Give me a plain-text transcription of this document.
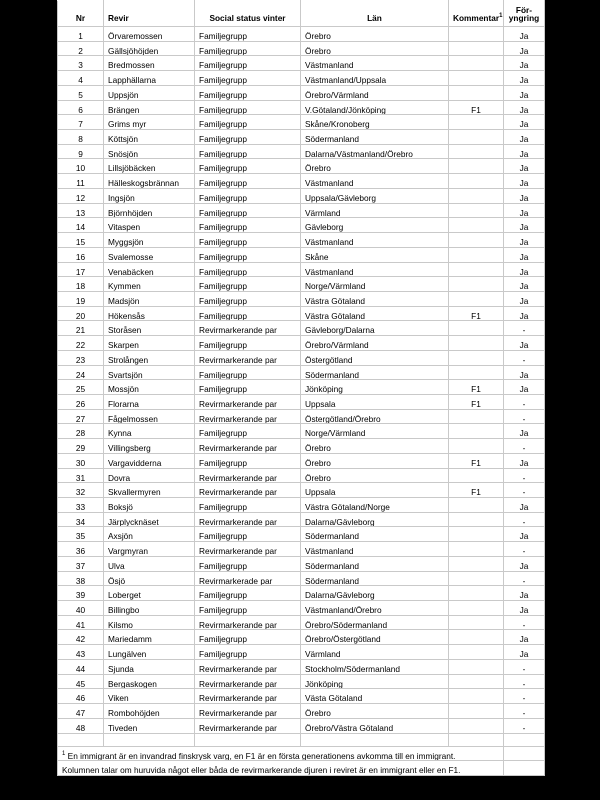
Nr	Revir	Social status vinter	Län	Kommentar$^1$	För-
yngring
1	Örvaremossen	Familjegrupp	Örebro		Ja
2	Gällsjöhöjden	Familjegrupp	Örebro		Ja
3	Bredmossen	Familjegrupp	Västmanland		Ja
4	Lapphällarna	Familjegrupp	Västmanland/Uppsala		Ja
5	Uppsjön	Familjegrupp	Örebro/Värmland		Ja
6	Brängen	Familjegrupp	V.Götaland/Jönköping	F1	Ja
7	Grims myr	Familjegrupp	Skåne/Kronoberg		Ja
8	Köttsjön	Familjegrupp	Södermanland		Ja
9	Snösjön	Familjegrupp	Dalarna/Västmanland/Örebro		Ja
10	Lillsjöbäcken	Familjegrupp	Örebro		Ja
11	Hälleskogsbrännan	Familjegrupp	Västmanland		Ja
12	Ingsjön	Familjegrupp	Uppsala/Gävleborg		Ja
13	Björnhöjden	Familjegrupp	Värmland		Ja
14	Vitaspen	Familjegrupp	Gävleborg		Ja
15	Myggsjön	Familjegrupp	Västmanland		Ja
16	Svalemosse	Familjegrupp	Skåne		Ja
17	Venabäcken	Familjegrupp	Västmanland		Ja
18	Kymmen	Familjegrupp	Norge/Värmland		Ja
19	Madsjön	Familjegrupp	Västra Götaland		Ja
20	Hökensås	Familjegrupp	Västra Götaland	F1	Ja
21	Storåsen	Revirmarkerande par	Gävleborg/Dalarna		-
22	Skarpen	Familjegrupp	Örebro/Värmland		Ja
23	Strolången	Revirmarkerande par	Östergötland		-
24	Svartsjön	Familjegrupp	Södermanland		Ja
25	Mossjön	Familjegrupp	Jönköping	F1	Ja
26	Florarna	Revirmarkerande par	Uppsala	F1	-
27	Fågelmossen	Revirmarkerande par	Östergötland/Örebro		-
28	Kynna	Familjegrupp	Norge/Värmland		Ja
29	Villingsberg	Revirmarkerande par	Örebro		-
30	Vargavidderna	Familjegrupp	Örebro	F1	Ja
31	Dovra	Revirmarkerande par	Örebro		-
32	Skvallermyren	Revirmarkerande par	Uppsala	F1	-
33	Boksjö	Familjegrupp	Västra Götaland/Norge		Ja
34	Järplycknäset	Revirmarkerande par	Dalarna/Gävleborg		-
35	Axsjön	Familjegrupp	Södermanland		Ja
36	Vargmyran	Revirmarkerande par	Västmanland		-
37	Ulva	Familjegrupp	Södermanland		Ja
38	Ösjö	Revirmarkerade par	Södermanland		-
39	Loberget	Familjegrupp	Dalarna/Gävleborg		Ja
40	Billingbo	Familjegrupp	Västmanland/Örebro		Ja
41	Kilsmo	Revirmarkerande par	Örebro/Södermanland		-
42	Mariedamm	Familjegrupp	Örebro/Östergötland		Ja
43	Lungälven	Familjegrupp	Värmland		Ja
44	Sjunda	Revirmarkerande par	Stockholm/Södermanland		-
45	Bergaskogen	Revirmarkerande par	Jönköping		-
46	Viken	Revirmarkerande par	Västa Götaland		-
47	Rombohöjden	Revirmarkerande par	Örebro		-
48	Tiveden	Revirmarkerande par	Örebro/Västra Götaland		-

$^1$ En immigrant är en invandrad finskrysk varg, en F1 är en första generationens avkomma till en immigrant.					
Kolumnen talar om huruvida något eller båda de revirmarkerande djuren i reviret är en immigrant eller en F1.					
